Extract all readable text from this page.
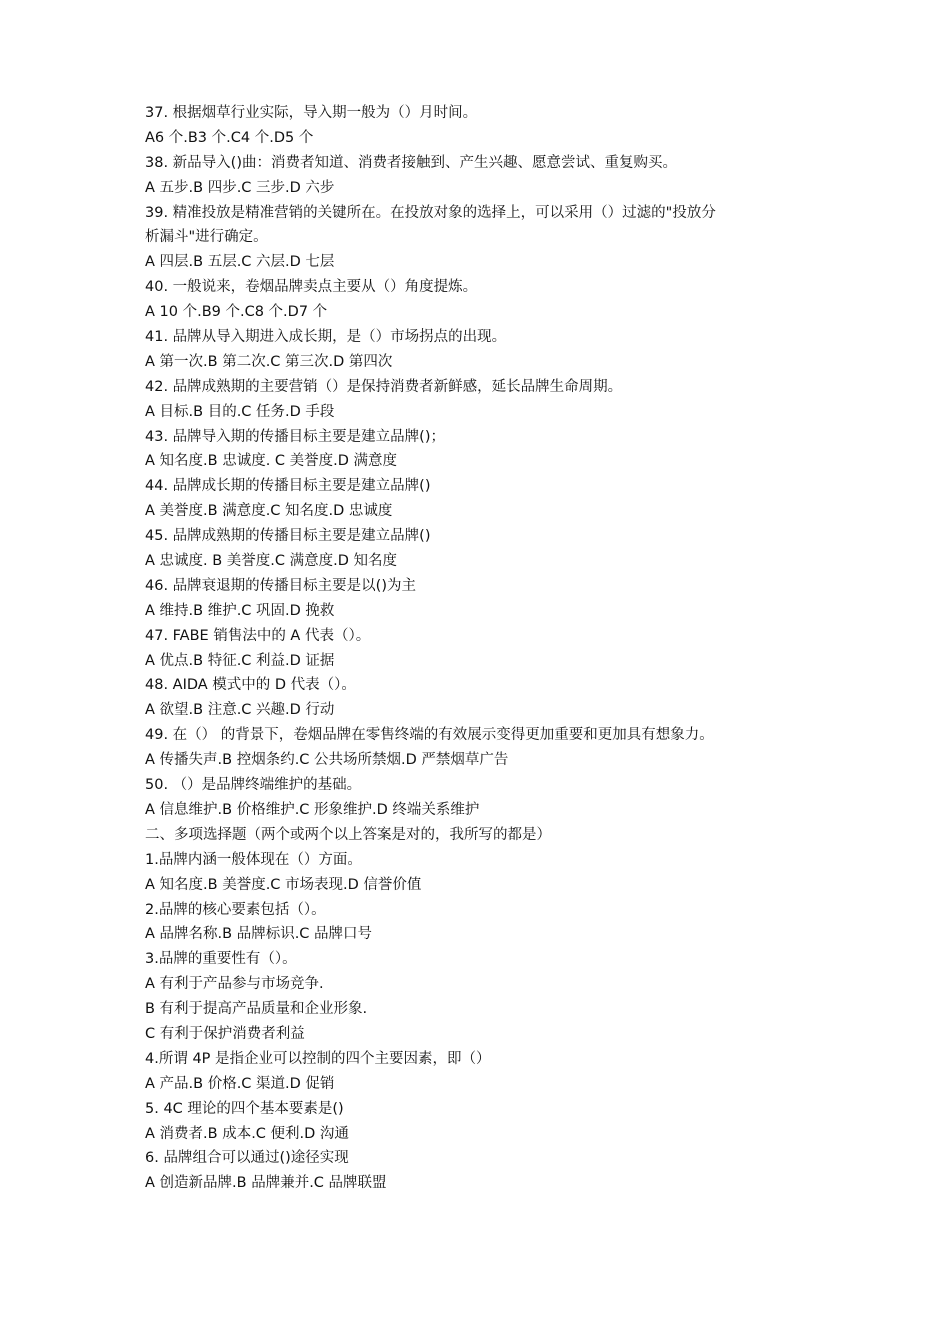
37. 根据烟草行业实际，导入期一般为（）月时间。
A6 个.B3 个.C4 个.D5 个
38. 新品导入()曲：消费者知道、消费者接触到、产生兴趣、愿意尝试、重复购买。
A 五步.B 四步.C 三步.D 六步
39. 精准投放是精准营销的关键所在。在投放对象的选择上，可以采用（）过滤的"投放分
析漏斗"进行确定。
A 四层.B 五层.C 六层.D 七层
40. 一般说来，卷烟品牌卖点主要从（）角度提炼。
A 10 个.B9 个.C8 个.D7 个
41. 品牌从导入期进入成长期，是（）市场拐点的出现。
A 第一次.B 第二次.C 第三次.D 第四次
42. 品牌成熟期的主要营销（）是保持消费者新鲜感，延长品牌生命周期。
A 目标.B 目的.C 任务.D 手段
43. 品牌导入期的传播目标主要是建立品牌()；
A 知名度.B 忠诚度. C 美誉度.D 满意度
44. 品牌成长期的传播目标主要是建立品牌()
A 美誉度.B 满意度.C 知名度.D 忠诚度
45. 品牌成熟期的传播目标主要是建立品牌()
A 忠诚度. B 美誉度.C 满意度.D 知名度
46. 品牌衰退期的传播目标主要是以()为主
A 维持.B 维护.C 巩固.D 挽救
47. FABE 销售法中的 A 代表（）。
A 优点.B 特征.C 利益.D 证据
48. AIDA 模式中的 D 代表（）。
A 欲望.B 注意.C 兴趣.D 行动
49. 在（） 的背景下，卷烟品牌在零售终端的有效展示变得更加重要和更加具有想象力。
A 传播失声.B 控烟条约.C 公共场所禁烟.D 严禁烟草广告
50. （）是品牌终端维护的基础。
A 信息维护.B 价格维护.C 形象维护.D 终端关系维护
二、多项选择题（两个或两个以上答案是对的，我所写的都是）
1.品牌内涵一般体现在（）方面。
A 知名度.B 美誉度.C 市场表现.D 信誉价值
2.品牌的核心要素包括（）。
A 品牌名称.B 品牌标识.C 品牌口号
3.品牌的重要性有（）。
A 有利于产品参与市场竞争.
B 有利于提高产品质量和企业形象.
C 有利于保护消费者利益
4.所谓 4P 是指企业可以控制的四个主要因素，即（）
A 产品.B 价格.C 渠道.D 促销
5. 4C 理论的四个基本要素是()
A 消费者.B 成本.C 便利.D 沟通
6. 品牌组合可以通过()途径实现
A 创造新品牌.B 品牌兼并.C 品牌联盟
